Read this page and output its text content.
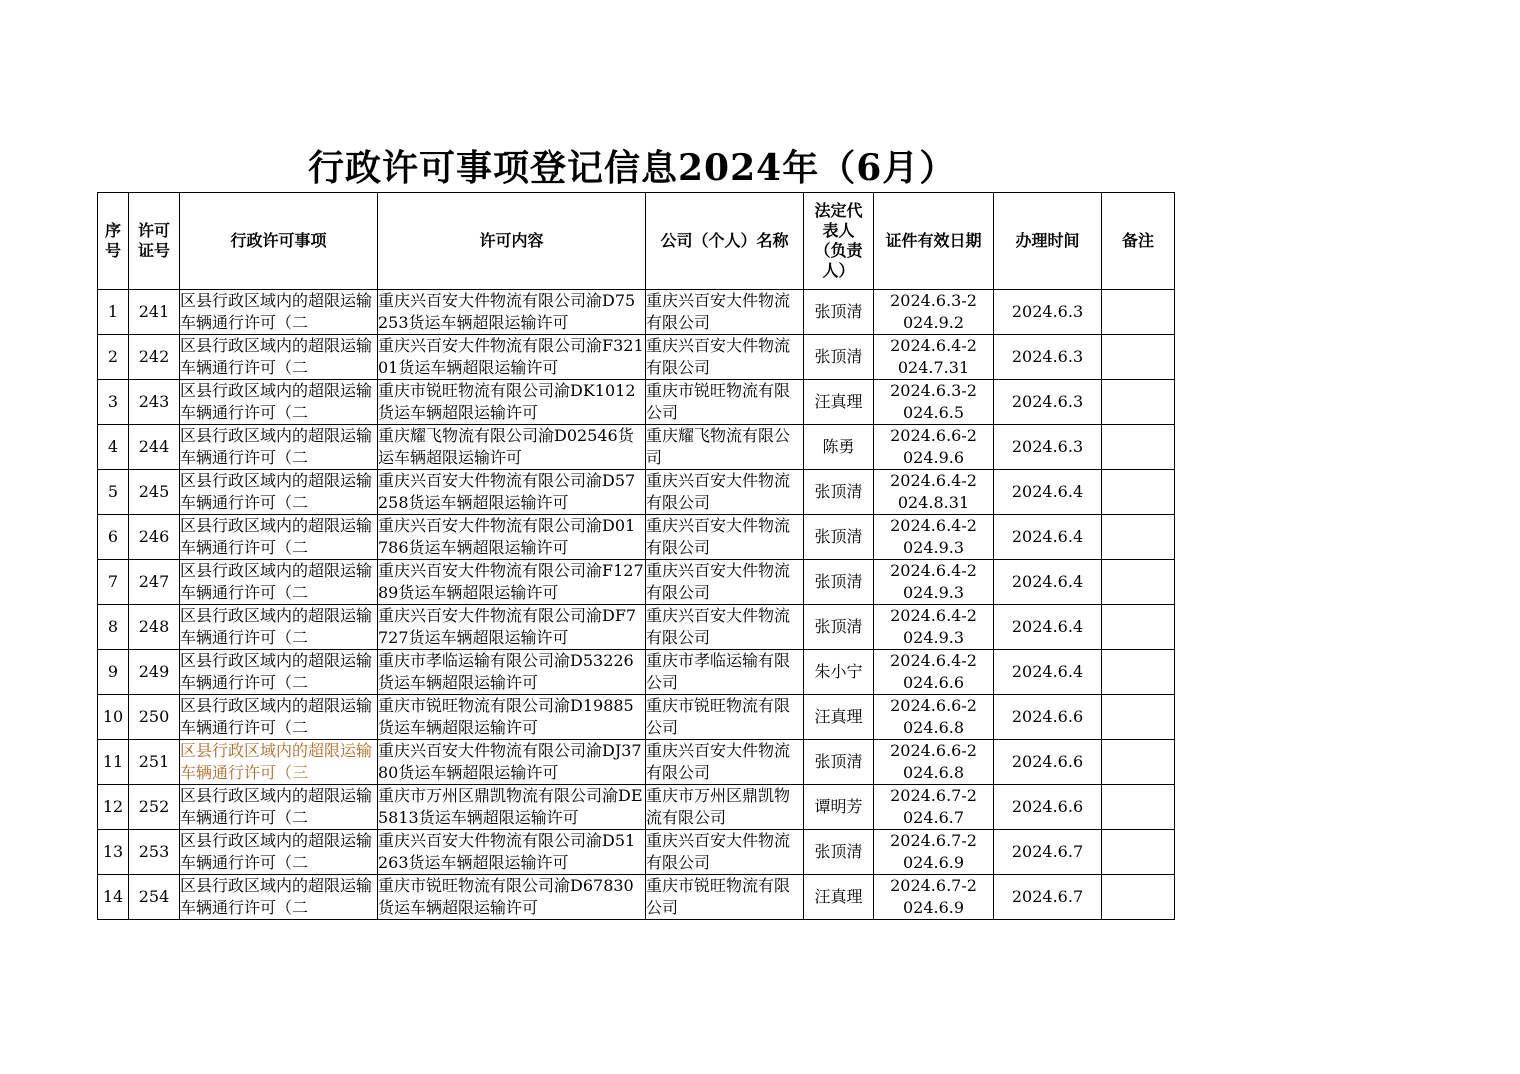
行政许可事项登记信息2024年（6月）
序号	许可证号	行政许可事项	许可内容	公司（个人）名称	法定代表人（负责人）	证件有效日期	办理时间	备注
1	241	区县行政区域内的超限运输车辆通行许可（二	重庆兴百安大件物流有限公司渝D75253货运车辆超限运输许可	重庆兴百安大件物流有限公司	张顶清	2024.6.3-2024.9.2	2024.6.3	
2	242	区县行政区域内的超限运输车辆通行许可（二	重庆兴百安大件物流有限公司渝F32101货运车辆超限运输许可	重庆兴百安大件物流有限公司	张顶清	2024.6.4-2024.7.31	2024.6.3	
3	243	区县行政区域内的超限运输车辆通行许可（二	重庆市锐旺物流有限公司渝DK1012货运车辆超限运输许可	重庆市锐旺物流有限公司	汪真理	2024.6.3-2024.6.5	2024.6.3	
4	244	区县行政区域内的超限运输车辆通行许可（二	重庆耀飞物流有限公司渝D02546货运车辆超限运输许可	重庆耀飞物流有限公司	陈勇	2024.6.6-2024.9.6	2024.6.3	
5	245	区县行政区域内的超限运输车辆通行许可（二	重庆兴百安大件物流有限公司渝D57258货运车辆超限运输许可	重庆兴百安大件物流有限公司	张顶清	2024.6.4-2024.8.31	2024.6.4	
6	246	区县行政区域内的超限运输车辆通行许可（二	重庆兴百安大件物流有限公司渝D01786货运车辆超限运输许可	重庆兴百安大件物流有限公司	张顶清	2024.6.4-2024.9.3	2024.6.4	
7	247	区县行政区域内的超限运输车辆通行许可（二	重庆兴百安大件物流有限公司渝F12789货运车辆超限运输许可	重庆兴百安大件物流有限公司	张顶清	2024.6.4-2024.9.3	2024.6.4	
8	248	区县行政区域内的超限运输车辆通行许可（二	重庆兴百安大件物流有限公司渝DF7727货运车辆超限运输许可	重庆兴百安大件物流有限公司	张顶清	2024.6.4-2024.9.3	2024.6.4	
9	249	区县行政区域内的超限运输车辆通行许可（二	重庆市孝临运输有限公司渝D53226货运车辆超限运输许可	重庆市孝临运输有限公司	朱小宁	2024.6.4-2024.6.6	2024.6.4	
10	250	区县行政区域内的超限运输车辆通行许可（二	重庆市锐旺物流有限公司渝D19885货运车辆超限运输许可	重庆市锐旺物流有限公司	汪真理	2024.6.6-2024.6.8	2024.6.6	
11	251	区县行政区域内的超限运输车辆通行许可（三	重庆兴百安大件物流有限公司渝DJ3780货运车辆超限运输许可	重庆兴百安大件物流有限公司	张顶清	2024.6.6-2024.6.8	2024.6.6	
12	252	区县行政区域内的超限运输车辆通行许可（二	重庆市万州区鼎凯物流有限公司渝DE5813货运车辆超限运输许可	重庆市万州区鼎凯物流有限公司	谭明芳	2024.6.7-2024.6.7	2024.6.6	
13	253	区县行政区域内的超限运输车辆通行许可（二	重庆兴百安大件物流有限公司渝D51263货运车辆超限运输许可	重庆兴百安大件物流有限公司	张顶清	2024.6.7-2024.6.9	2024.6.7	
14	254	区县行政区域内的超限运输车辆通行许可（二	重庆市锐旺物流有限公司渝D67830货运车辆超限运输许可	重庆市锐旺物流有限公司	汪真理	2024.6.7-2024.6.9	2024.6.7	
